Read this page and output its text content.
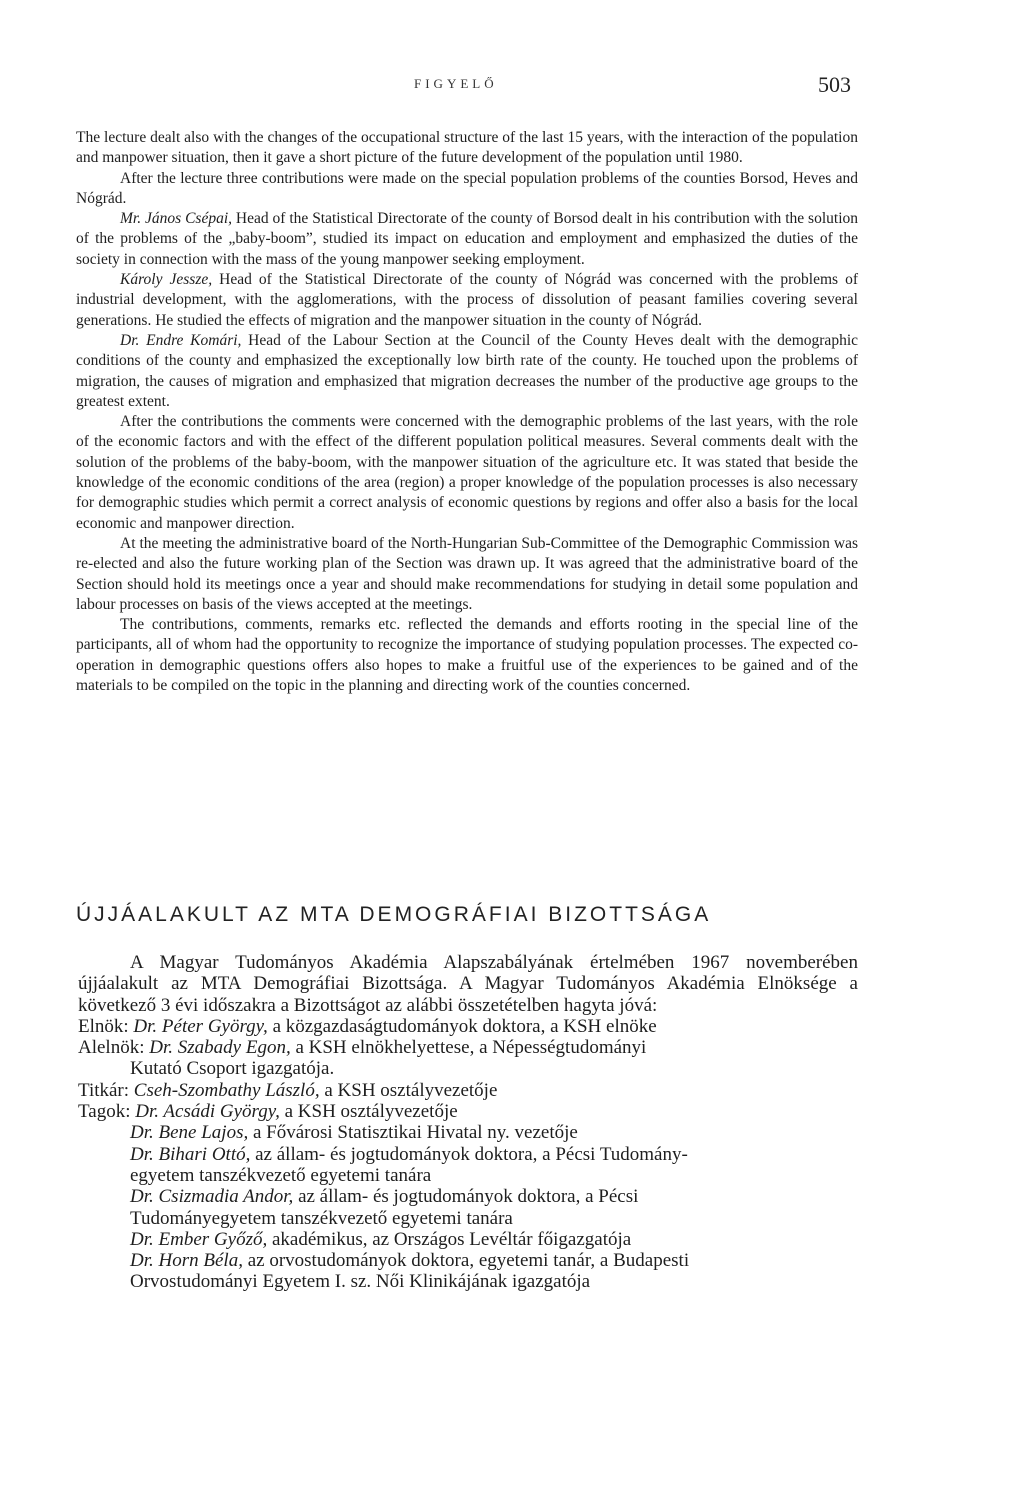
FIGYELŐ	503

The lecture dealt also with the changes of the occupational structure of the last 15 years, with the interaction of the population and manpower situation, then it gave a short picture of the future development of the population until 1980.

After the lecture three contributions were made on the special population problems of the counties Borsod, Heves and Nógrád.

Mr. János Csépai, Head of the Statistical Directorate of the county of Borsod dealt in his contribution with the solution of the problems of the „baby-boom”, studied its impact on education and employment and emphasized the duties of the society in connection with the mass of the young manpower seeking employment.

Károly Jessze, Head of the Statistical Directorate of the county of Nógrád was concerned with the problems of industrial development, with the agglomerations, with the process of dissolution of peasant families covering several generations. He studied the effects of migration and the manpower situation in the county of Nógrád.

Dr. Endre Komári, Head of the Labour Section at the Council of the County Heves dealt with the demographic conditions of the county and emphasized the exceptionally low birth rate of the county. He touched upon the problems of migration, the causes of migration and emphasized that migration decreases the number of the productive age groups to the greatest extent.

After the contributions the comments were concerned with the demographic problems of the last years, with the role of the economic factors and with the effect of the different population political measures. Several comments dealt with the solution of the problems of the baby-boom, with the manpower situation of the agriculture etc. It was stated that beside the knowledge of the economic conditions of the area (region) a proper knowledge of the population processes is also necessary for demographic studies which permit a correct analysis of economic questions by regions and offer also a basis for the local economic and manpower direction.

At the meeting the administrative board of the North-Hungarian Sub-Committee of the Demographic Commission was re-elected and also the future working plan of the Section was drawn up. It was agreed that the administrative board of the Section should hold its meetings once a year and should make recommendations for studying in detail some population and labour processes on basis of the views accepted at the meetings.

The contributions, comments, remarks etc. reflected the demands and efforts rooting in the special line of the participants, all of whom had the opportunity to recognize the importance of studying population processes. The expected co-operation in demographic questions offers also hopes to make a fruitful use of the experiences to be gained and of the materials to be compiled on the topic in the planning and directing work of the counties concerned.

ÚJJÁALAKULT AZ MTA DEMOGRÁFIAI BIZOTTSÁGA

A Magyar Tudományos Akadémia Alapszabályának értelmében 1967 novemberében újjáalakult az MTA Demográfiai Bizottsága. A Magyar Tudományos Akadémia Elnöksége a következő 3 évi időszakra a Bizottságot az alábbi összetételben hagyta jóvá:

Elnök: Dr. Péter György, a közgazdaságtudományok doktora, a KSH elnöke

Alelnök: Dr. Szabady Egon, a KSH elnökhelyettese, a Népességtudományi

Kutató Csoport igazgatója.

Titkár: Cseh-Szombathy László, a KSH osztályvezetője

Tagok: Dr. Acsádi György, a KSH osztályvezetője

Dr. Bene Lajos, a Fővárosi Statisztikai Hivatal ny. vezetője

Dr. Bihari Ottó, az állam- és jogtudományok doktora, a Pécsi Tudomány-

egyetem tanszékvezető egyetemi tanára

Dr. Csizmadia Andor, az állam- és jogtudományok doktora, a Pécsi

Tudományegyetem tanszékvezető egyetemi tanára

Dr. Ember Győző, akadémikus, az Országos Levéltár főigazgatója

Dr. Horn Béla, az orvostudományok doktora, egyetemi tanár, a Budapesti

Orvostudományi Egyetem I. sz. Női Klinikájának igazgatója
